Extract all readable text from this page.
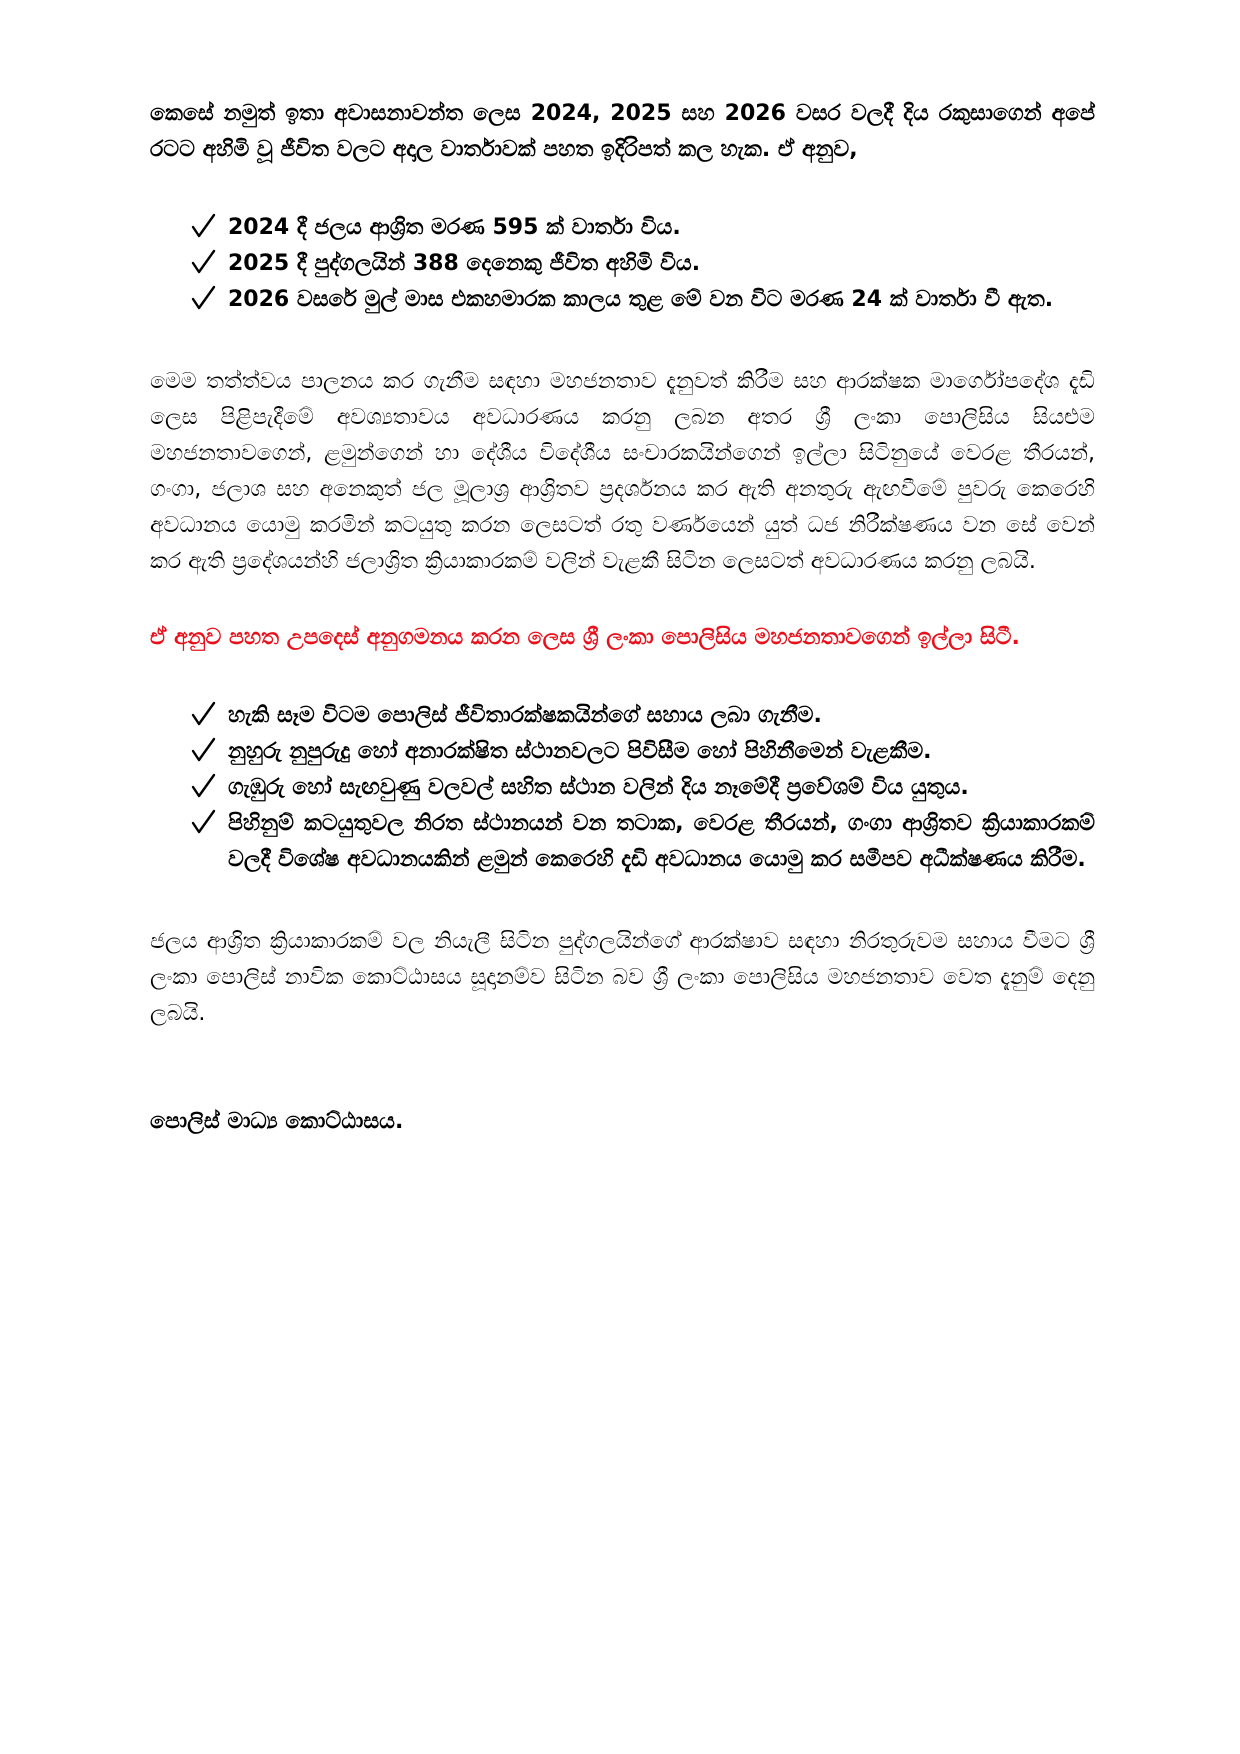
කෙසේ නමුත් ඉතා අවාසනාවන්ත ලෙස 2024, 2025 සහ 2026 වසර වලදී දිය රකුසාගෙන් අපේ රටට අහිමි වූ ජීවිත වලට අදාල වාර්තාවක් පහත ඉදිරිපත් කල හැක. ඒ අනුව,

2024 දී ජලය ආශ්‍රිත මරණ 595 ක් වාර්තා විය.
2025 දී පුද්ගලයින් 388 දෙනෙකු ජීවිත අහිමි විය.
2026 වසරේ මුල් මාස එකහමාරක කාලය තුළ මේ වන විට මරණ 24 ක් වාර්තා වී ඇත.

මෙම තත්ත්වය පාලනය කර ගැනීම සඳහා මහජනතාව දැනුවත් කිරීම සහ ආරක්ෂක මාර්ගෝපදේශ දැඩි ලෙස පිළිපැදීමේ අවශ්‍යතාවය අවධාරණය කරනු ලබන අතර ශ්‍රී ලංකා පොලිසිය සියළුම මහජනතාවගෙන්, ළමුන්ගෙන් හා දේශීය විදේශීය සංචාරකයින්ගෙන් ඉල්ලා සිටිනුයේ වෙරළ තීරයන්, ගංගා, ජලාශ සහ අනෙකුත් ජල මූලාශ්‍ර ආශ්‍රිතව ප්‍රදර්ශනය කර ඇති අනතුරු ඇඟවීමේ පුවරු කෙරෙහි අවධානය යොමු කරමින් කටයුතු කරන ලෙසටත් රතු වර්ණයෙන් යුත් ධජ නිරීක්ෂණය වන සේ වෙන් කර ඇති ප්‍රදේශයන්හි ජලාශ්‍රිත ක්‍රියාකාරකම් වලින් වැළකී සිටින ලෙසටත් අවධාරණය කරනු ලබයි.

ඒ අනුව පහත උපදෙස් අනුගමනය කරන ලෙස ශ්‍රී ලංකා පොලිසිය මහජනතාවගෙන් ඉල්ලා සිටී.

හැකි සෑම විටම පොලිස් ජීවිතාරක්ෂකයින්ගේ සහාය ලබා ගැනීම.
නුහුරු නුපුරුදු හෝ අනාරක්ෂිත ස්ථානවලට පිවිසීම හෝ පිහිනීමෙන් වැළකීම.
ගැඹුරු හෝ සැඟවුණු වලවල් සහිත ස්ථාන වලින් දිය නෑමේදී ප්‍රවේශම් විය යුතුය.
පිහිනුම් කටයුතුවල නිරත ස්ථානයන් වන තටාක, වෙරළ තීරයන්, ගංගා ආශ්‍රිතව ක්‍රියාකාරකම් වලදී විශේෂ අවධානයකින් ළමුන් කෙරෙහි දැඩි අවධානය යොමු කර සමීපව අධීක්ෂණය කිරීම.

ජලය ආශ්‍රිත ක්‍රියාකාරකම් වල නියැලී සිටින පුද්ගලයින්ගේ ආරක්ෂාව සඳහා නිරතුරුවම සහාය වීමට ශ්‍රී ලංකා පොලිස් නාවික කොට්ඨාසය සූදානම්ව සිටින බව ශ්‍රී ලංකා පොලිසිය මහජනතාව වෙත දැනුම් දෙනු ලබයි.

පොලිස් මාධ්‍ය කොට්ඨාසය.
